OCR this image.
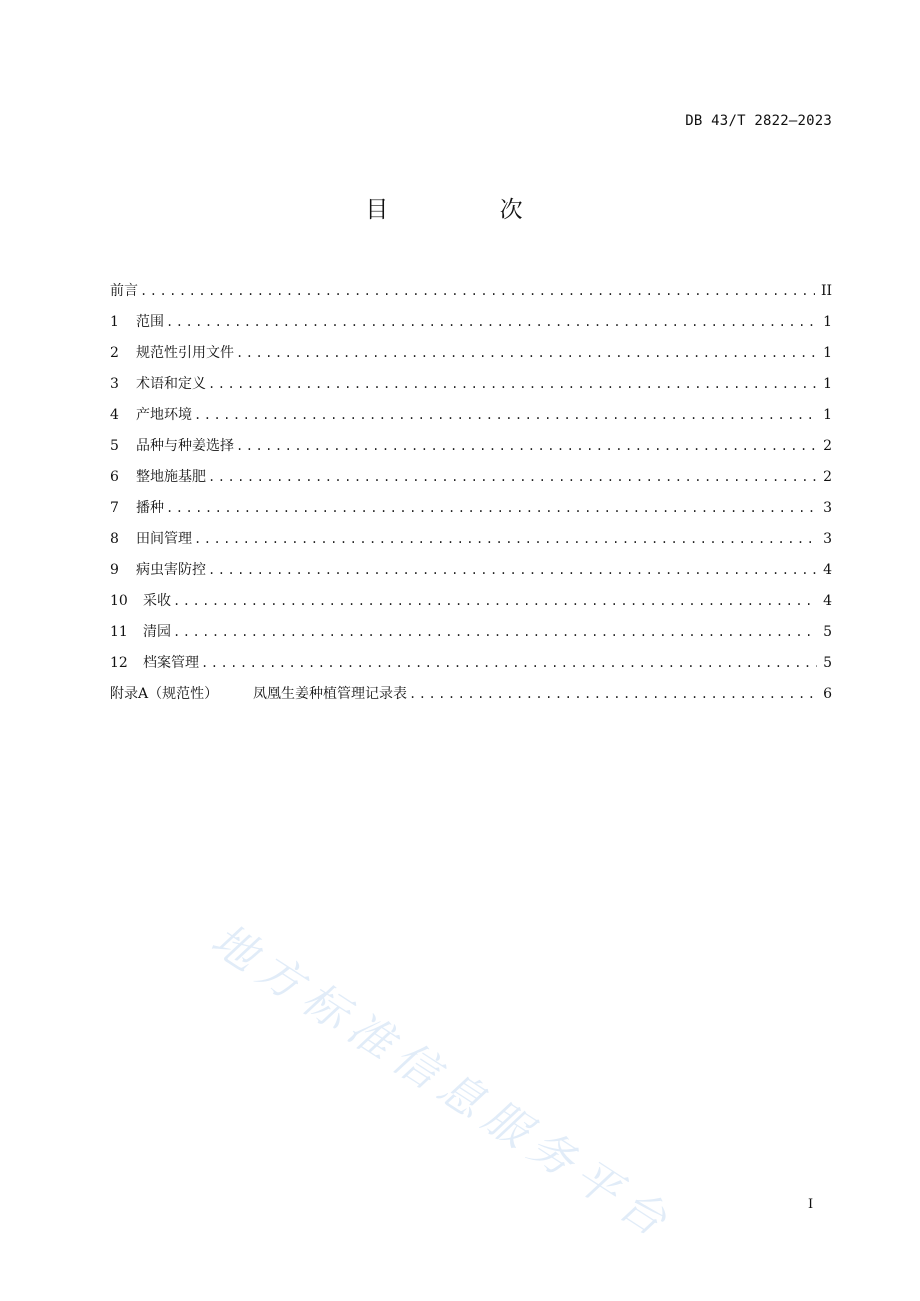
DB 43/T 2822—2023
目 次
前言 .....	II
1 范围 .....	1
2 规范性引用文件 .....	1
3 术语和定义 .....	1
4 产地环境 .....	1
5 品种与种姜选择 .....	2
6 整地施基肥 .....	2
7 播种 .....	3
8 田间管理 .....	3
9 病虫害防控 .....	4
10 采收 .....	4
11 清园 .....	5
12 档案管理 .....	5
附录A（规范性） 凤凰生姜种植管理记录表 .....	6
地方标准信息服务平台	I
